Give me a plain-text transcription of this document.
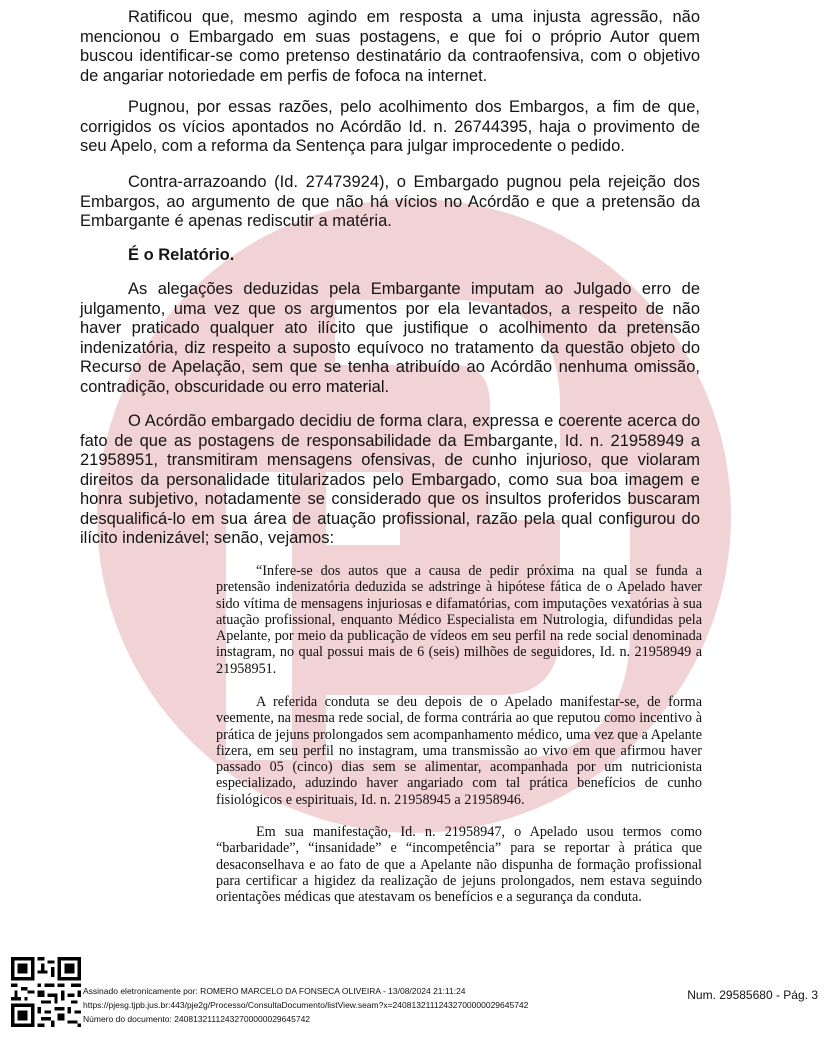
Ratificou que, mesmo agindo em resposta a uma injusta agressão, não mencionou o Embargado em suas postagens, e que foi o próprio Autor quem buscou identificar-se como pretenso destinatário da contraofensiva, com o objetivo de angariar notoriedade em perfis de fofoca na internet.

Pugnou, por essas razões, pelo acolhimento dos Embargos, a fim de que, corrigidos os vícios apontados no Acórdão Id. n. 26744395, haja o provimento de seu Apelo, com a reforma da Sentença para julgar improcedente o pedido.

Contra-arrazoando (Id. 27473924), o Embargado pugnou pela rejeição dos Embargos, ao argumento de que não há vícios no Acórdão e que a pretensão da Embargante é apenas rediscutir a matéria.

É o Relatório.

As alegações deduzidas pela Embargante imputam ao Julgado erro de julgamento, uma vez que os argumentos por ela levantados, a respeito de não haver praticado qualquer ato ilícito que justifique o acolhimento da pretensão indenizatória, diz respeito a suposto equívoco no tratamento da questão objeto do Recurso de Apelação, sem que se tenha atribuído ao Acórdão nenhuma omissão, contradição, obscuridade ou erro material.

O Acórdão embargado decidiu de forma clara, expressa e coerente acerca do fato de que as postagens de responsabilidade da Embargante, Id. n. 21958949 a 21958951, transmitiram mensagens ofensivas, de cunho injurioso, que violaram direitos da personalidade titularizados pelo Embargado, como sua boa imagem e honra subjetivo, notadamente se considerado que os insultos proferidos buscaram desqualificá-lo em sua área de atuação profissional, razão pela qual configurou do ilícito indenizável; senão, vejamos:

“Infere-se dos autos que a causa de pedir próxima na qual se funda a pretensão indenizatória deduzida se adstringe à hipótese fática de o Apelado haver sido vítima de mensagens injuriosas e difamatórias, com imputações vexatórias à sua atuação profissional, enquanto Médico Especialista em Nutrologia, difundidas pela Apelante, por meio da publicação de vídeos em seu perfil na rede social denominada instagram, no qual possui mais de 6 (seis) milhões de seguidores, Id. n. 21958949 a 21958951.

A referida conduta se deu depois de o Apelado manifestar-se, de forma veemente, na mesma rede social, de forma contrária ao que reputou como incentivo à prática de jejuns prolongados sem acompanhamento médico, uma vez que a Apelante fizera, em seu perfil no instagram, uma transmissão ao vivo em que afirmou haver passado 05 (cinco) dias sem se alimentar, acompanhada por um nutricionista especializado, aduzindo haver angariado com tal prática benefícios de cunho fisiológicos e espirituais, Id. n. 21958945 a 21958946.

Em sua manifestação, Id. n. 21958947, o Apelado usou termos como “barbaridade”, “insanidade” e “incompetência” para se reportar à prática que desaconselhava e ao fato de que a Apelante não dispunha de formação profissional para certificar a higidez da realização de jejuns prolongados, nem estava seguindo orientações médicas que atestavam os benefícios e a segurança da conduta.

Assinado eletronicamente por: ROMERO MARCELO DA FONSECA OLIVEIRA - 13/08/2024 21:11:24
https://pjesg.tjpb.jus.br:443/pje2g/Processo/ConsultaDocumento/listView.seam?x=24081321112432700000029645742
Número do documento: 24081321112432700000029645742
Num. 29585680 - Pág. 3
